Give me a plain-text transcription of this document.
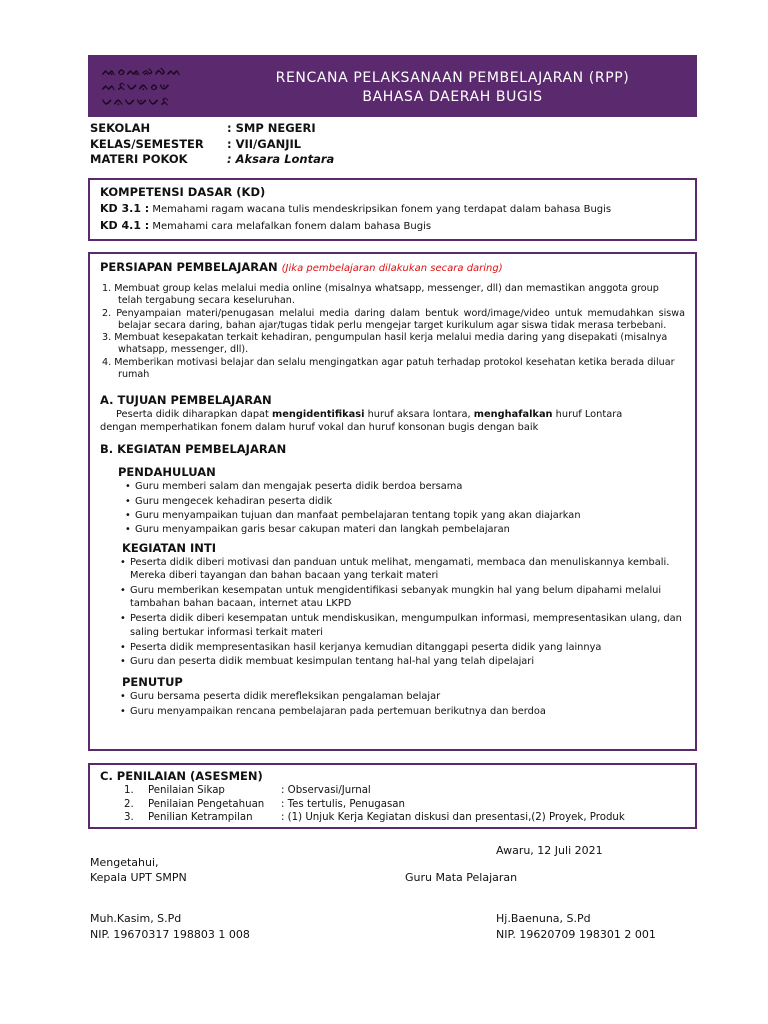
ᨕᨔᨕᨋᨄᨓ
ᨓᨅᨆᨊᨔᨉ
ᨆᨊᨆᨉᨆᨅ
RENCANA PELAKSANAAN PEMBELAJARAN (RPP)
BAHASA DAERAH BUGIS
SEKOLAH	: SMP NEGERI
KELAS/SEMESTER	: VII/GANJIL
MATERI POKOK	: Aksara Lontara
KOMPETENSI DASAR (KD)
KD 3.1 : Memahami ragam wacana tulis mendeskripsikan fonem yang terdapat dalam bahasa Bugis
KD 4.1 : Memahami cara melafalkan fonem dalam bahasa Bugis
PERSIAPAN PEMBELAJARAN (Jika pembelajaran dilakukan secara daring)
1. Membuat group kelas melalui media online (misalnya whatsapp, messenger, dll) dan memastikan anggota group telah tergabung secara keseluruhan.
2. Penyampaian materi/penugasan melalui media daring dalam bentuk word/image/video untuk memudahkan siswa belajar secara daring, bahan ajar/tugas tidak perlu mengejar target kurikulum agar siswa tidak merasa terbebani.
3. Membuat kesepakatan terkait kehadiran, pengumpulan hasil kerja melalui media daring yang disepakati (misalnya whatsapp, messenger, dll).
4. Memberikan motivasi belajar dan selalu mengingatkan agar patuh terhadap protokol kesehatan ketika berada diluar rumah
A. TUJUAN PEMBELAJARAN
Peserta didik diharapkan dapat mengidentifikasi huruf aksara lontara, menghafalkan huruf Lontara
dengan memperhatikan fonem dalam huruf vokal dan huruf konsonan bugis dengan baik
B. KEGIATAN PEMBELAJARAN
PENDAHULUAN
• Guru memberi salam dan mengajak peserta didik berdoa bersama
• Guru mengecek kehadiran peserta didik
• Guru menyampaikan tujuan dan manfaat pembelajaran tentang topik yang akan diajarkan
• Guru menyampaikan garis besar cakupan materi dan langkah pembelajaran
KEGIATAN INTI
• Peserta didik diberi motivasi dan panduan untuk melihat, mengamati, membaca dan menuliskannya kembali. Mereka diberi tayangan dan bahan bacaan yang terkait materi
• Guru memberikan kesempatan untuk mengidentifikasi sebanyak mungkin hal yang belum dipahami melalui tambahan bahan bacaan, internet atau LKPD
• Peserta didik diberi kesempatan untuk mendiskusikan, mengumpulkan informasi, mempresentasikan ulang, dan saling bertukar informasi terkait materi
• Peserta didik mempresentasikan hasil kerjanya kemudian ditanggapi peserta didik yang lainnya
• Guru dan peserta didik membuat kesimpulan tentang hal-hal yang telah dipelajari
PENUTUP
• Guru bersama peserta didik merefleksikan pengalaman belajar
• Guru menyampaikan rencana pembelajaran pada pertemuan berikutnya dan berdoa
C. PENILAIAN (ASESMEN)
1.	Penilaian Sikap	: Observasi/Jurnal
2.	Penilaian Pengetahuan	: Tes tertulis, Penugasan
3.	Penilian Ketrampilan	: (1) Unjuk Kerja Kegiatan diskusi dan presentasi,(2) Proyek, Produk
Awaru, 12 Juli 2021
Mengetahui,
Kepala UPT SMPN	Guru Mata Pelajaran
Muh.Kasim, S.Pd
NIP. 19670317 198803 1 008
Hj.Baenuna, S.Pd
NIP. 19620709 198301 2 001
